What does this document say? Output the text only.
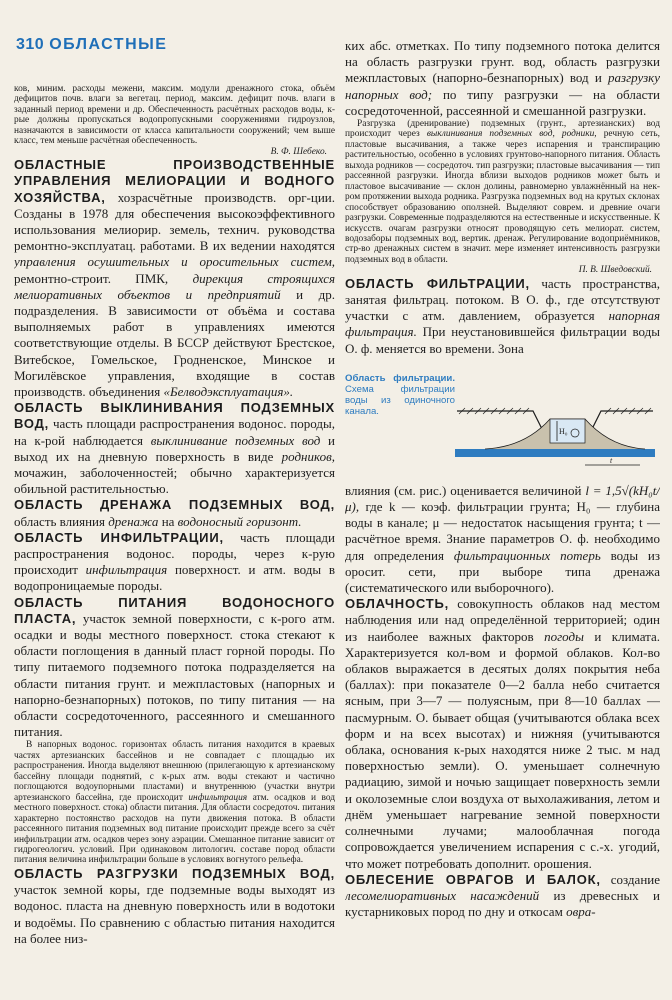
310 ОБЛАСТНЫЕ

ков, миним. расходы межени, максим. модули дренажного стока, объём дефицитов почв. влаги за вегетац. период, максим. дефицит почв. влаги в заданный период времени и др. Обеспеченность расчётных расходов воды, к-рые должны пропускаться водопропускными сооружениями гидроузлов, назначаются в зависимости от класса капитальности сооружений; чем выше класс, тем меньше расчётная обеспеченность.
В. Ф. Шебеко.

ОБЛАСТНЫЕ ПРОИЗВОДСТВЕННЫЕ УПРАВЛЕНИЯ МЕЛИОРАЦИИ И ВОДНОГО ХОЗЯЙСТВА, хозрасчётные производств. орг-ции. Созданы в 1978 для обеспечения высокоэффективного использования мелиорир. земель, технич. руководства ремонтно-эксплуатац. работами. В их ведении находятся управления осушительных и оросительных систем, ремонтно-строит. ПМК, дирекция строящихся мелиоративных объектов и предприятий и др. подразделения. В зависимости от объёма и состава выполняемых работ в управлениях имеются соответствующие отделы. В БССР действуют Брестское, Витебское, Гомельское, Гродненское, Минское и Могилёвское управления, входящие в состав производств. объединения «Белводэксплуатация».

ОБЛАСТЬ ВЫКЛИНИВАНИЯ ПОДЗЕМНЫХ ВОД, часть площади распространения водонос. породы, на к-рой наблюдается выклинивание подземных вод и выход их на дневную поверхность в виде родников, мочажин, заболоченностей; обычно характеризуется обильной растительностью.

ОБЛАСТЬ ДРЕНАЖА ПОДЗЕМНЫХ ВОД, область влияния дренажа на водоносный горизонт.

ОБЛАСТЬ ИНФИЛЬТРАЦИИ, часть площади распространения водонос. породы, через к-рую происходит инфильтрация поверхност. и атм. воды в водопроницаемые породы.

ОБЛАСТЬ ПИТАНИЯ ВОДОНОСНОГО ПЛАСТА, участок земной поверхности, с к-рого атм. осадки и воды местного поверхност. стока стекают к области поглощения в данный пласт горной породы. По типу питаемого подземного потока подразделяется на области питания грунт. и межпластовых (напорных и напорно-безнапорных) потоков, по типу питания — на области сосредоточенного, рассеянного и смешанного питания.

В напорных водонос. горизонтах область питания находится в краевых частях артезианских бассейнов и не совпадает с площадью их распространения. Иногда выделяют внешнюю (прилегающую к артезианскому бассейну площади поднятий, с к-рых атм. воды стекают и частично поглощаются водоупорными пластами) и внутреннюю (участки внутри артезианского бассейна, где происходит инфильтрация атм. осадков и вод местного поверхност. стока) области питания. Для области сосредоточ. питания характерно постоянство расходов на пути движения потока. В области рассеянного питания подземных вод питание происходит прежде всего за счёт инфильтрации атм. осадков через зону аэрации. Смешанное питание зависит от гидрогеологич. условий. При одинаковом литологич. составе пород области питания величина инфильтрации больше в условиях вогнутого рельефа.

ОБЛАСТЬ РАЗГРУЗКИ ПОДЗЕМНЫХ ВОД, участок земной коры, где подземные воды выходят из водонос. пласта на дневную поверхность или в водотоки и водоёмы. По сравнению с областью питания находится на более низ-

ких абс. отметках. По типу подземного потока делится на область разгрузки грунт. вод, область разгрузки межпластовых (напорно-безнапорных) вод и разгрузку напорных вод; по типу разгрузки — на области сосредоточенной, рассеянной и смешанной разгрузки.

Разгрузка (дренирование) подземных (грунт., артезианских) вод происходит через выклинивания подземных вод, родники, речную сеть, пластовые высачивания, а также через испарения и транспирацию растительностью, особенно в условиях грунтово-напорного питания. Область выхода родников — сосредоточ. тип разгрузки; пластовые высачивания — тип рассеянной разгрузки. Иногда вблизи выходов родников может быть и пластовое высачивание — склон долины, равномерно увлажнённый на нек-ром протяжении выхода родника. Разгрузка подземных вод на крутых склонах способствует образованию оползней. Выделяют соврем. и древние очаги разгрузки. Современные подразделяются на естественные и искусственные. К искусств. очагам разгрузки относят проводящую сеть мелиорат. систем, водозаборы подземных вод, вертик. дренаж. Регулирование водоприёмников, стр-во дренажных систем в значит. мере изменяет интенсивность разгрузки подземных вод в области.
П. В. Шведовский.

ОБЛАСТЬ ФИЛЬТРАЦИИ, часть пространства, занятая фильтрац. потоком. В О. ф., где отсутствуют участки с атм. давлением, образуется напорная фильтрация. При неустановившейся фильтрации воды О. ф. меняется во времени. Зона

Область фильтрации. Схема фильтрации воды из одиночного канала.
H₀
t

влияния (см. рис.) оценивается величиной l = 1,5√(kH₀t/μ), где k — коэф. фильтрации грунта; H₀ — глубина воды в канале; μ — недостаток насыщения грунта; t — расчётное время. Знание параметров О. ф. необходимо для определения фильтрационных потерь воды из оросит. сети, при выборе типа дренажа (систематического или выборочного).

ОБЛАЧНОСТЬ, совокупность облаков над местом наблюдения или над определённой территорией; один из наиболее важных факторов погоды и климата. Характеризуется кол-вом и формой облаков. Кол-во облаков выражается в десятых долях покрытия неба (баллах): при показателе 0—2 балла небо считается ясным, при 3—7 — полуясным, при 8—10 баллах — пасмурным. О. бывает общая (учитываются облака всех форм и на всех высотах) и нижняя (учитываются облака, основания к-рых находятся ниже 2 тыс. м над поверхностью земли). О. уменьшает солнечную радиацию, зимой и ночью защищает поверхность земли и околоземные слои воздуха от выхолаживания, летом и днём уменьшает нагревание земной поверхности солнечными лучами; малооблачная погода сопровождается увеличением испарения с с.-х. угодий, что может потребовать дополнит. орошения.

ОБЛЕСЕНИЕ ОВРАГОВ И БАЛОК, создание лесомелиоративных насаждений из древесных и кустарниковых пород по дну и откосам овра-
